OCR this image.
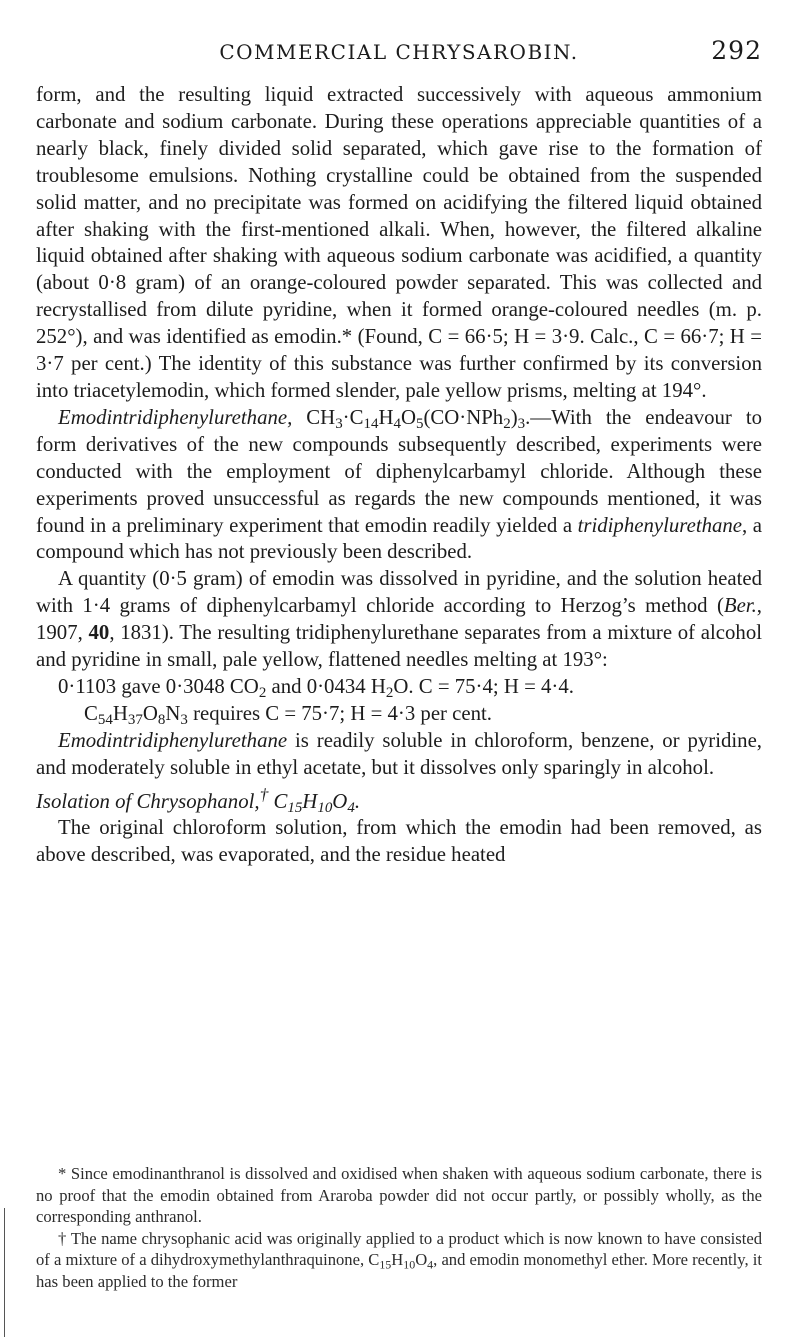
COMMERCIAL CHRYSAROBIN.	292

form, and the resulting liquid extracted successively with aqueous ammonium carbonate and sodium carbonate. During these operations appreciable quantities of a nearly black, finely divided solid separated, which gave rise to the formation of troublesome emulsions. Nothing crystalline could be obtained from the suspended solid matter, and no precipitate was formed on acidifying the filtered liquid obtained after shaking with the first-mentioned alkali. When, however, the filtered alkaline liquid obtained after shaking with aqueous sodium carbonate was acidified, a quantity (about 0·8 gram) of an orange-coloured powder separated. This was collected and recrystallised from dilute pyridine, when it formed orange-coloured needles (m. p. 252°), and was identified as emodin.* (Found, C = 66·5; H = 3·9. Calc., C = 66·7; H = 3·7 per cent.) The identity of this substance was further confirmed by its conversion into triacetylemodin, which formed slender, pale yellow prisms, melting at 194°.

Emodintridiphenylurethane, $CH_3\cdot C_{14}H_4O_5(CO\cdot NPh_2)_3.—With$ the endeavour to form derivatives of the new compounds subsequently described, experiments were conducted with the employment of diphenylcarbamyl chloride. Although these experiments proved unsuccessful as regards the new compounds mentioned, it was found in a preliminary experiment that emodin readily yielded a tridiphenylurethane, a compound which has not previously been described.

A quantity (0·5 gram) of emodin was dissolved in pyridine, and the solution heated with 1·4 grams of diphenylcarbamyl chloride according to Herzog’s method (Ber., 1907, 40, 1831). The resulting tridiphenylurethane separates from a mixture of alcohol and pyridine in small, pale yellow, flattened needles melting at 193°:

0·1103 gave 0·3048 $CO_2$ and 0·0434 $H_2O$. C = 75·4; H = 4·4.

$C_{54}H_{37}O_8N_3$ requires C = 75·7; H = 4·3 per cent.

Emodintridiphenylurethane is readily soluble in chloroform, benzene, or pyridine, and moderately soluble in ethyl acetate, but it dissolves only sparingly in alcohol.

Isolation of Chrysophanol,† $C_{15}H_{10}O_4$.

The original chloroform solution, from which the emodin had been removed, as above described, was evaporated, and the residue heated

* Since emodinanthranol is dissolved and oxidised when shaken with aqueous sodium carbonate, there is no proof that the emodin obtained from Araroba powder did not occur partly, or possibly wholly, as the corresponding anthranol.

† The name chrysophanic acid was originally applied to a product which is now known to have consisted of a mixture of a dihydroxymethylanthraquinone, $C_{15}H_{10}O_4$, and emodin monomethyl ether. More recently, it has been applied to the former
